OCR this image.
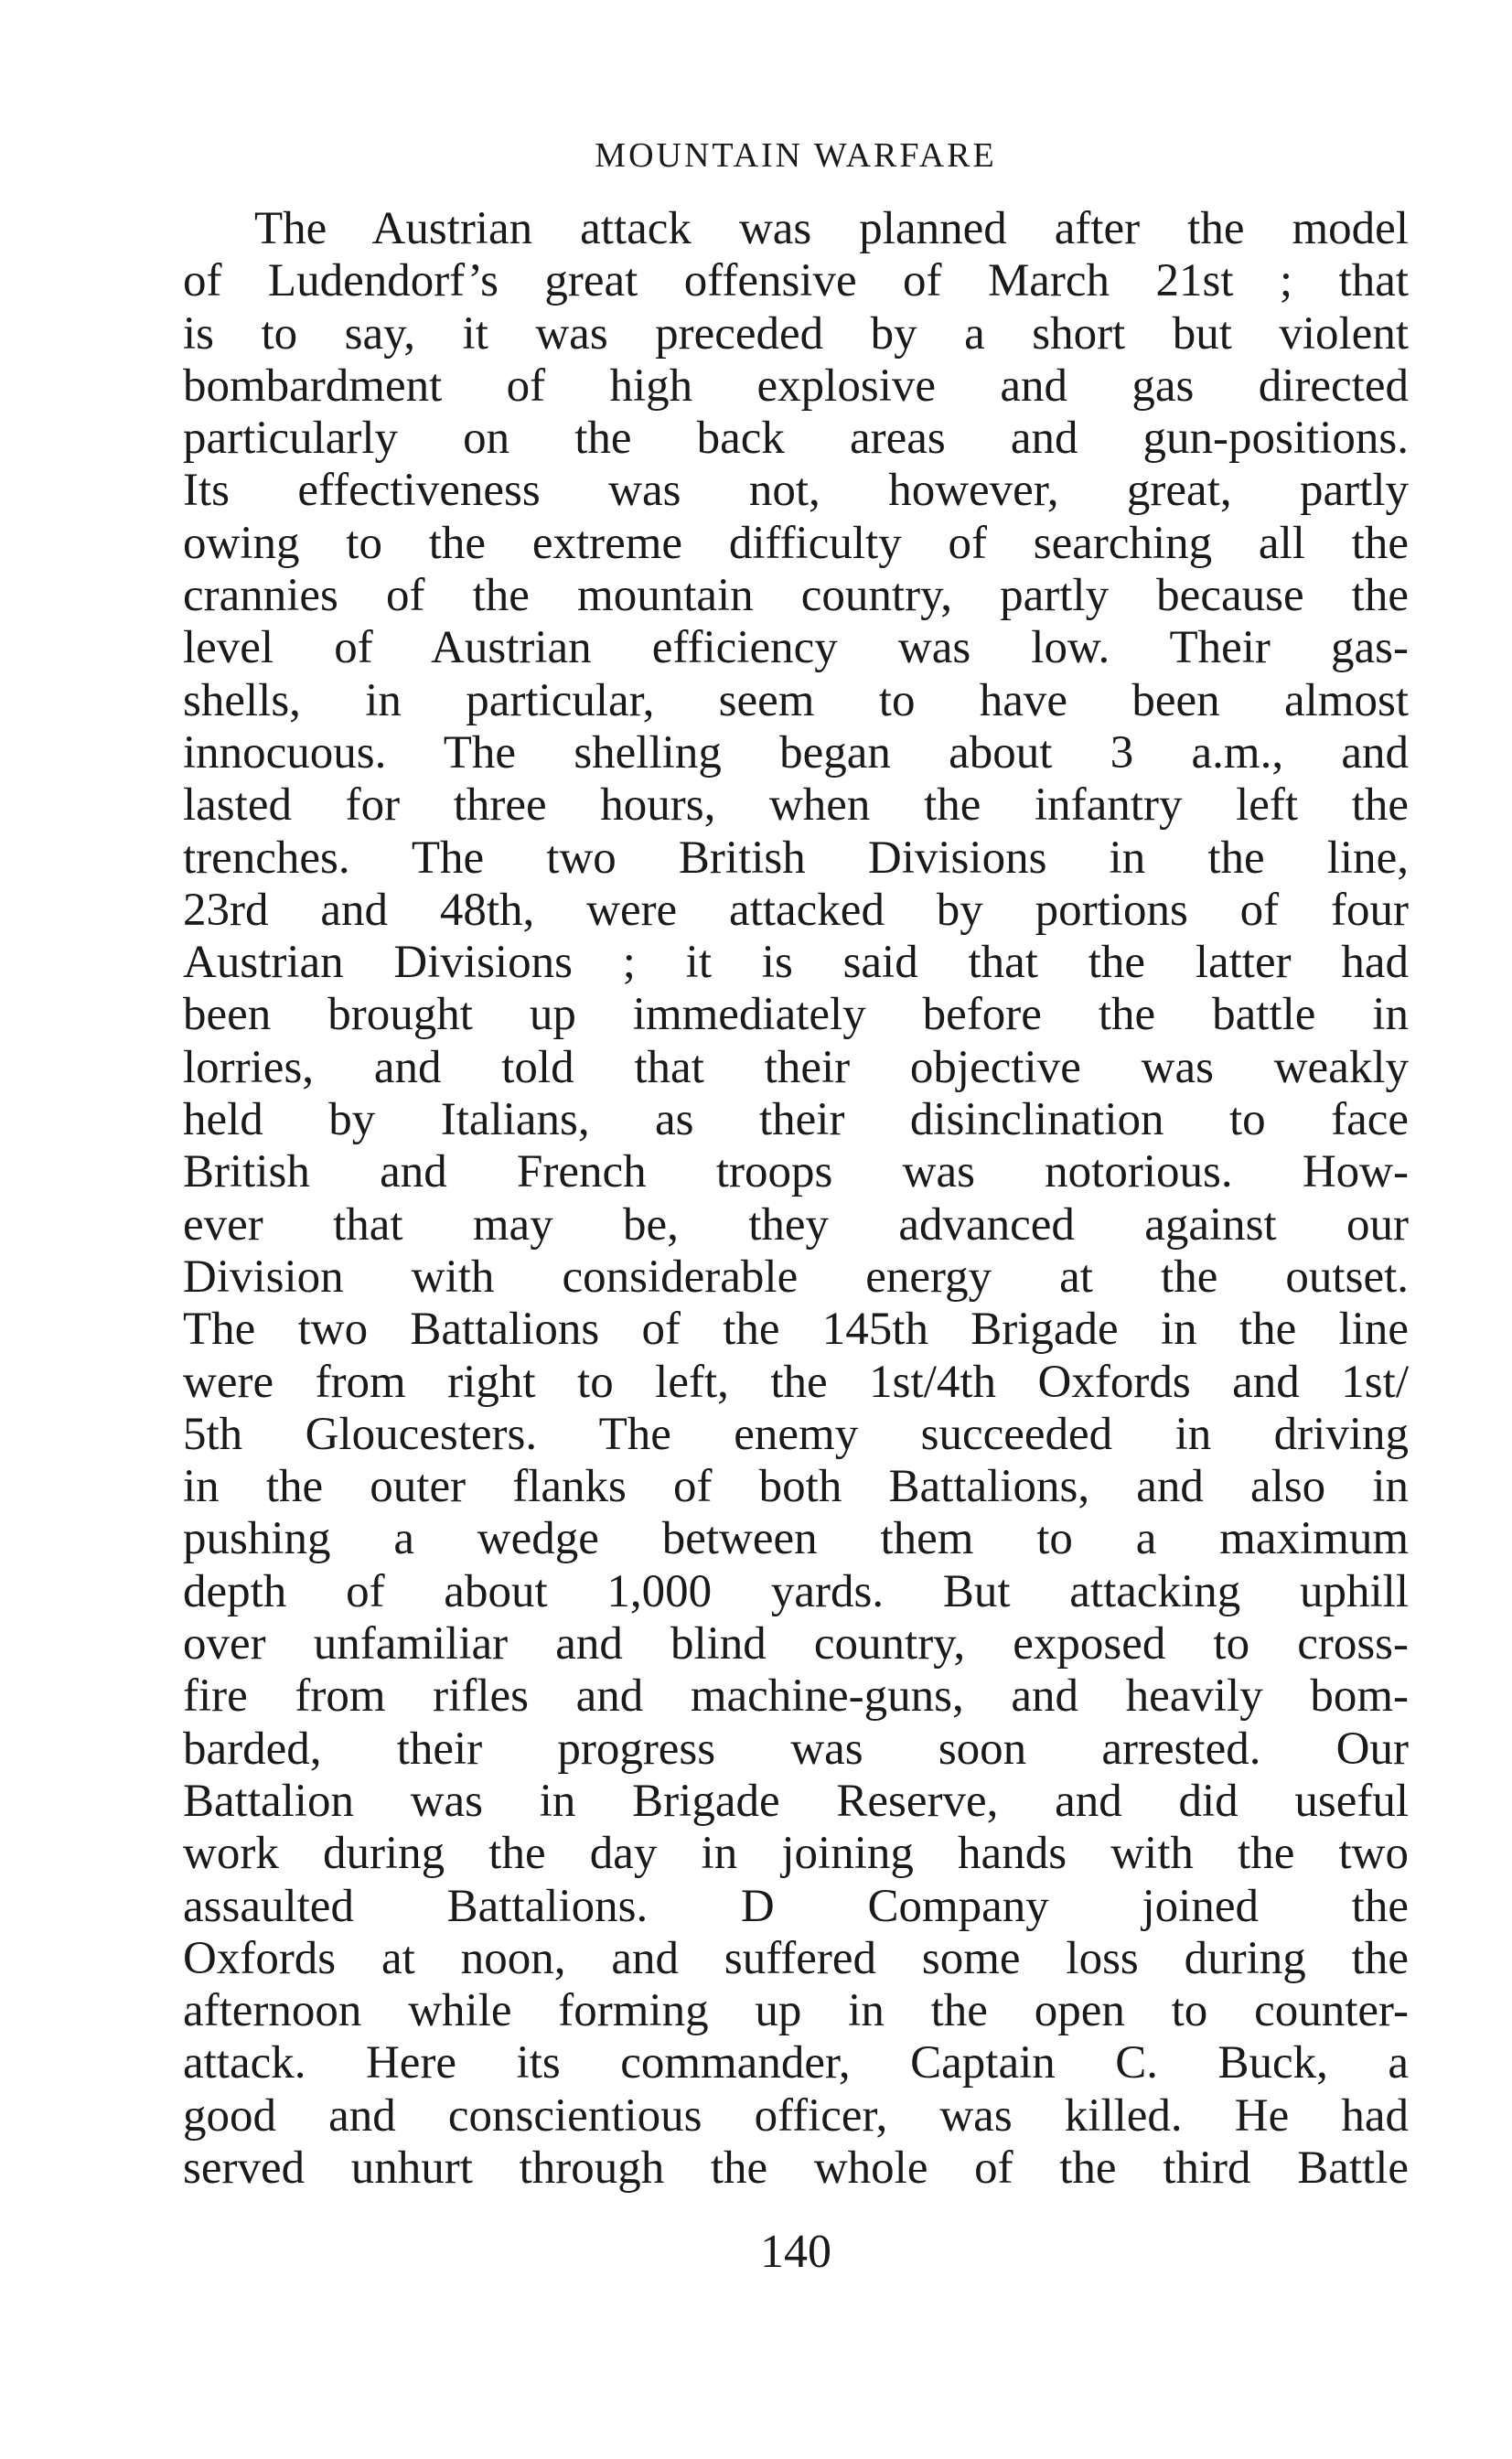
MOUNTAIN WARFARE
The Austrian attack was planned after the model
of Ludendorf’s great offensive of March 21st ; that
is to say, it was preceded by a short but violent
bombardment of high explosive and gas directed
particularly on the back areas and gun-positions.
Its effectiveness was not, however, great, partly
owing to the extreme difficulty of searching all the
crannies of the mountain country, partly because the
level of Austrian efficiency was low. Their gas-
shells, in particular, seem to have been almost
innocuous. The shelling began about 3 a.m., and
lasted for three hours, when the infantry left the
trenches. The two British Divisions in the line,
23rd and 48th, were attacked by portions of four
Austrian Divisions ; it is said that the latter had
been brought up immediately before the battle in
lorries, and told that their objective was weakly
held by Italians, as their disinclination to face
British and French troops was notorious. How-
ever that may be, they advanced against our
Division with considerable energy at the outset.
The two Battalions of the 145th Brigade in the line
were from right to left, the 1st/4th Oxfords and 1st/
5th Gloucesters. The enemy succeeded in driving
in the outer flanks of both Battalions, and also in
pushing a wedge between them to a maximum
depth of about 1,000 yards. But attacking uphill
over unfamiliar and blind country, exposed to cross-
fire from rifles and machine-guns, and heavily bom-
barded, their progress was soon arrested. Our
Battalion was in Brigade Reserve, and did useful
work during the day in joining hands with the two
assaulted Battalions. D Company joined the
Oxfords at noon, and suffered some loss during the
afternoon while forming up in the open to counter-
attack. Here its commander, Captain C. Buck, a
good and conscientious officer, was killed. He had
served unhurt through the whole of the third Battle
140
